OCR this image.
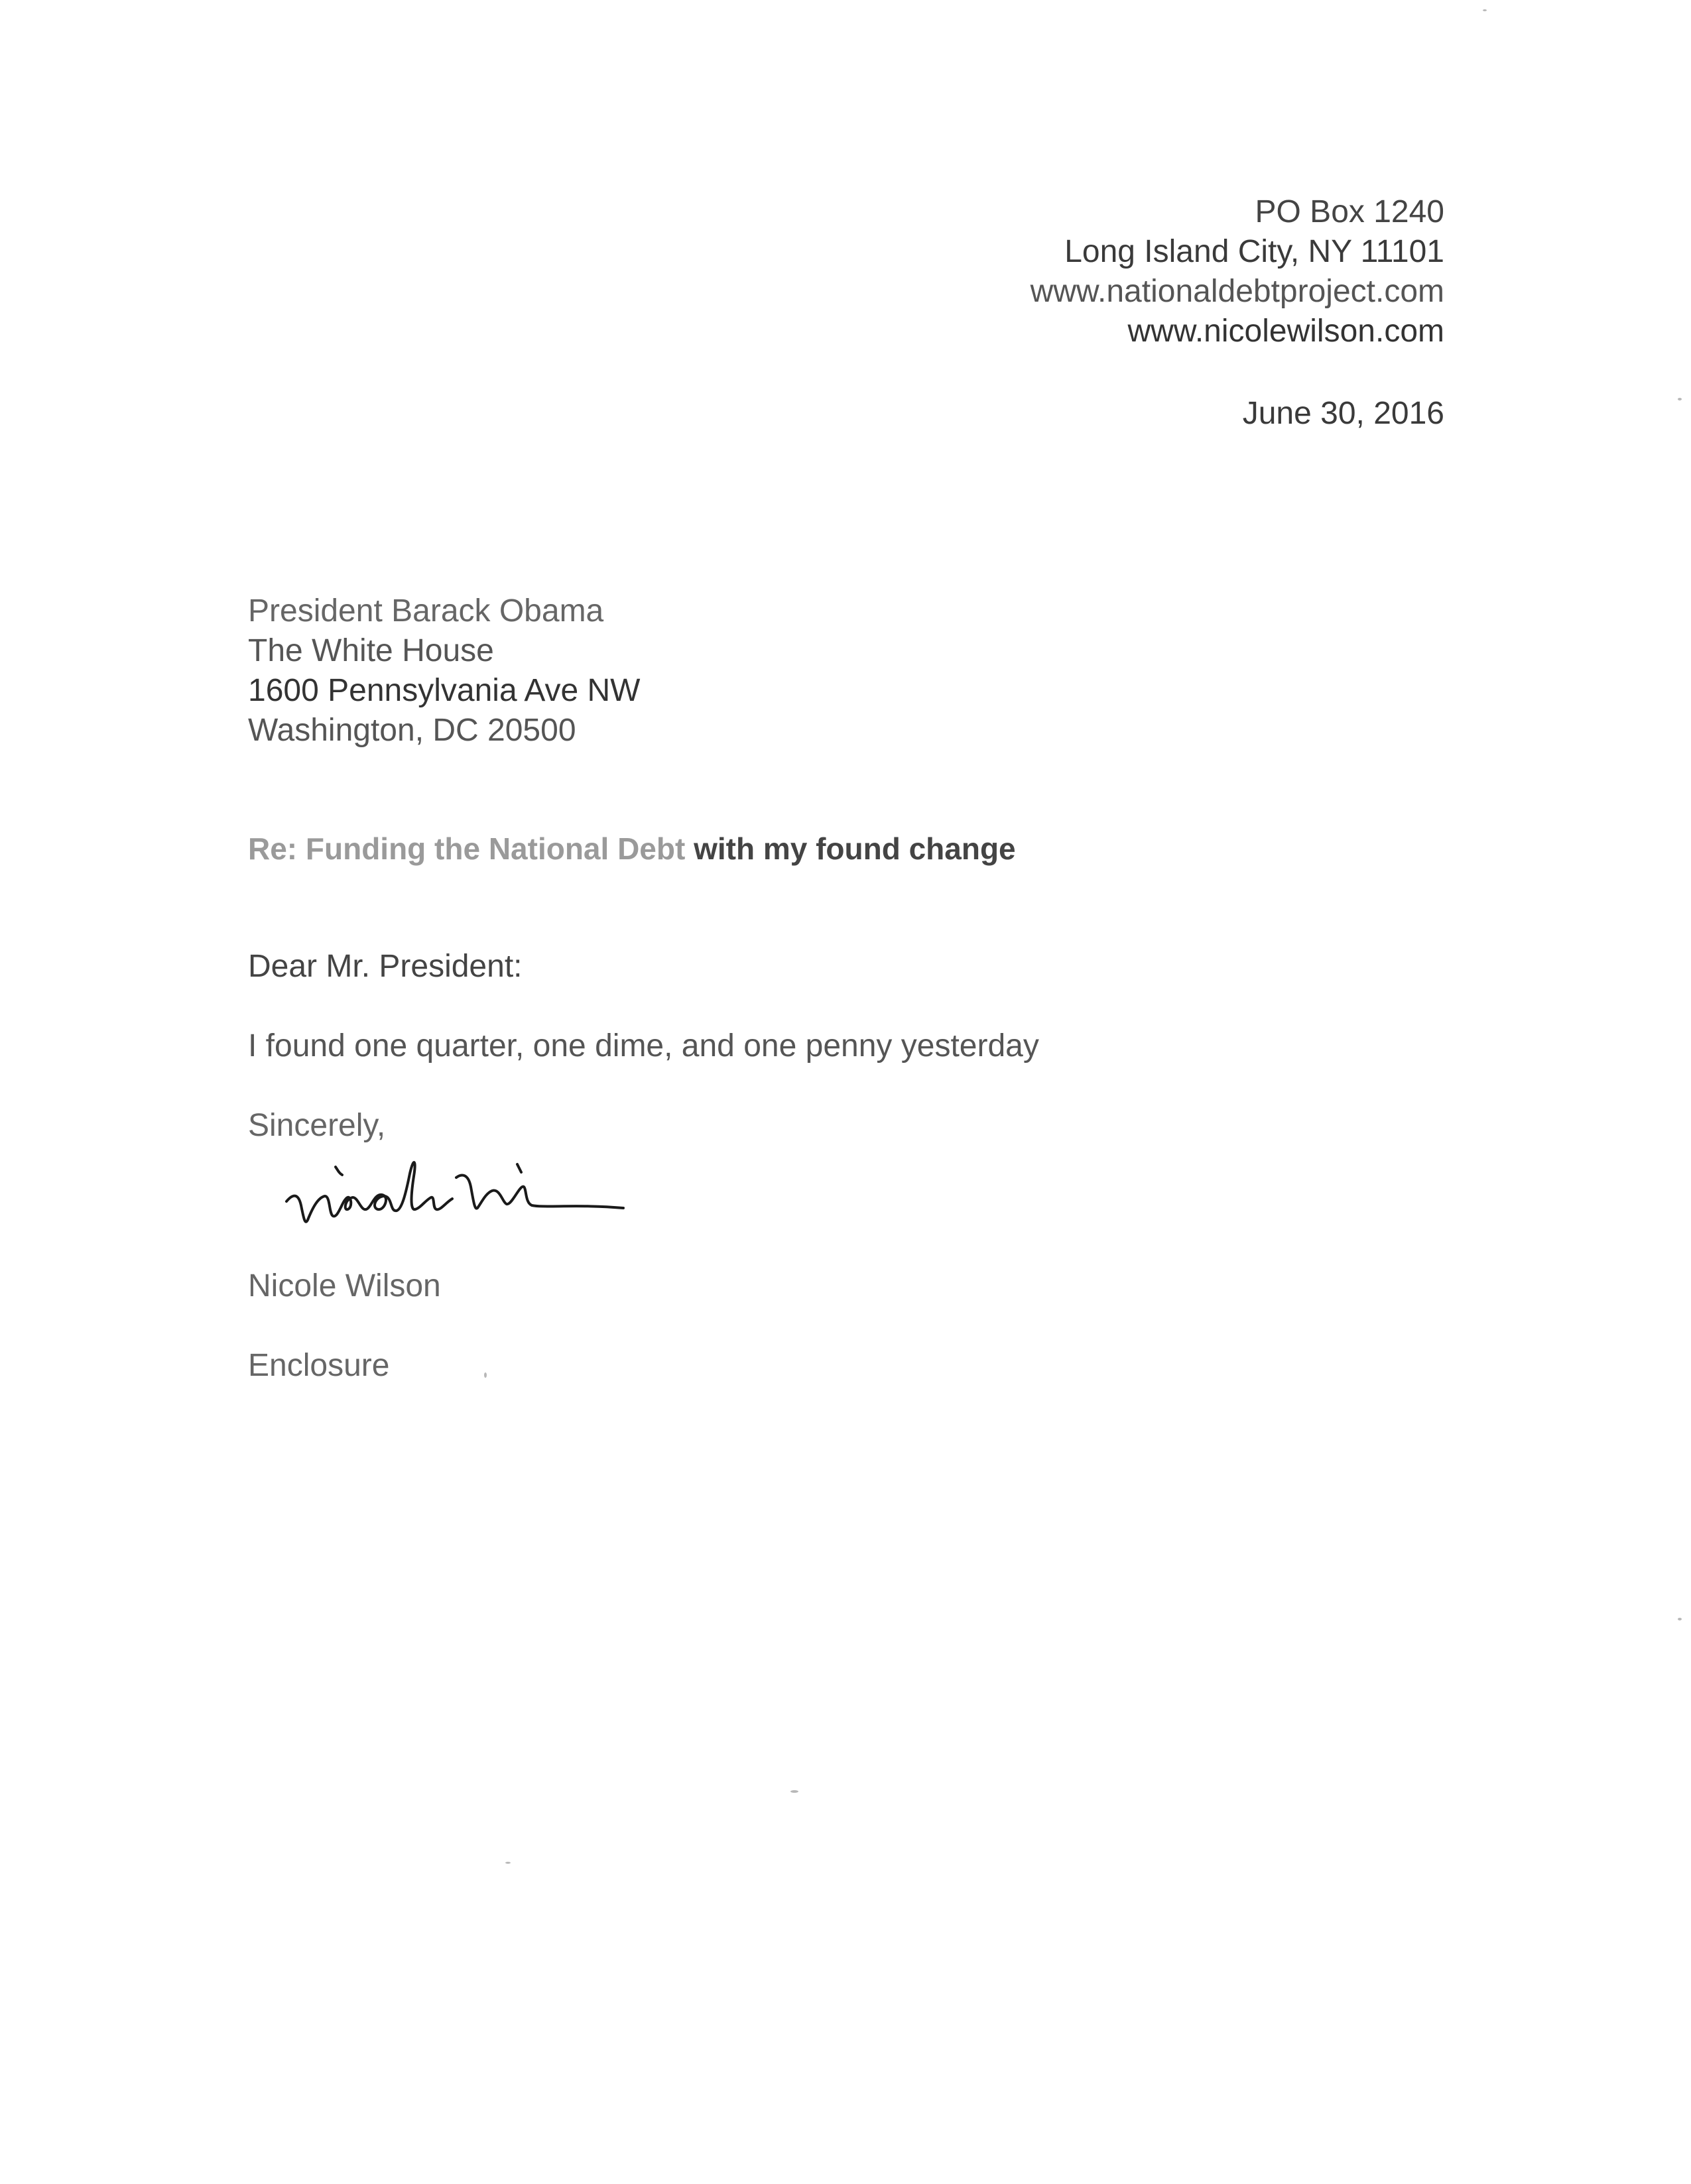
PO Box 1240
Long Island City, NY 11101
www.nationaldebtproject.com
www.nicolewilson.com
June 30, 2016
President Barack Obama
The White House
1600 Pennsylvania Ave NW
Washington, DC 20500
Re: Funding the National Debt with my found change
Dear Mr. President:
I found one quarter, one dime, and one penny yesterday
Sincerely,
Nicole Wilson
Enclosure
